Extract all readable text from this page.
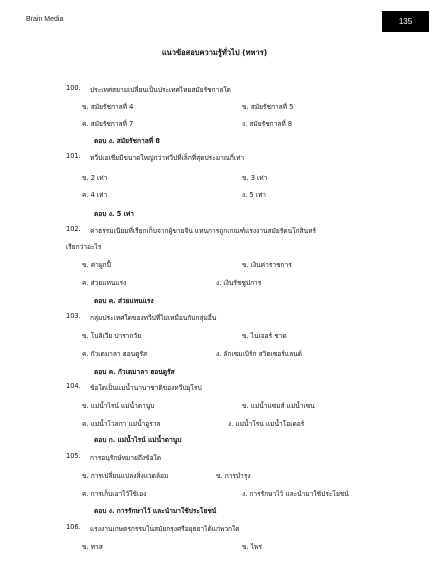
Brain Media	135
แนวข้อสอบความรู้ทั่วไป (ทหาร)
100. ประเทศสยามเปลี่ยนเป็นประเทศไทยสมัยรัชกาลใด
ข. สมัยรัชกาลที่ 4	ข. สมัยรัชกาลที่ 5
ค. สมัยรัชกาลที่ 7	ง. สมัยรัชกาลที่ 8
ตอบ ง. สมัยรัชกาลที่ 8
101. ทวีปเอเชียมีขนาดใหญ่กว่าทวีปที่เล็กที่สุดประมาณกี่เท่า
ข. 2 เท่า	ข. 3 เท่า
ค. 4 เท่า	ง. 5 เท่า
ตอบ ง. 5 เท่า
102. ค่าธรรมเนียมที่เรียกเก็บจากผู้ขายจีน แทนการถูกเกณฑ์แรงงานสมัยรัตนโกสินทร์
เรียกว่าอะไร
ข. ค่าผูกปี้	ข. เงินค่าราชการ
ค. ส่วยแทนแรง	ง. เงินรัชชูปการ
ตอบ ค. ส่วยแทนแรง
103. กลุ่มประเทศใดของทวีปที่ไม่เหมือนกับกลุ่มอื่น
ข. โบลิเวีย ปารากวัย	ข. ไนเจอร์ ชาด
ค. กัวเตมาลา ฮอนดูรัส	ง. ลักเซมเบิร์ก สวิตเซอร์แลนด์
ตอบ ค. กัวเตมาลา ฮอนดูรัส
104. ข้อใดเป็นแม่น้ำนานาชาติของทวีปยุโรป
ข. แม่น้ำไรน์ แม่น้ำดานูบ	ข. แม่น้ำแซมส์ แม่น้ำเซน
ค. แม่น้ำโวลกา แม่น้ำอูราล	ง. แม่น้ำโรน แม่น้ำโอเดอร์
ตอบ ก. แม่น้ำไรน์ แม่น้ำดานูบ
105. การอนุรักษ์หมายถึงข้อใด
ข. การเปลี่ยนแปลงสิ่งแวดล้อม	ข. การบำรุง
ค. การเก็บเอาไว้ใช้เอง	ง. การรักษาไว้ และนำมาใช้ประโยชน์
ตอบ ง. การรักษาไว้ และนำมาใช้ประโยชน์
106. แรงงานเกษตรกรรมในสมัยกรุงศรีอยุธยาได้แก่พวกใด
ข. ทาส	ข. ไพร่
